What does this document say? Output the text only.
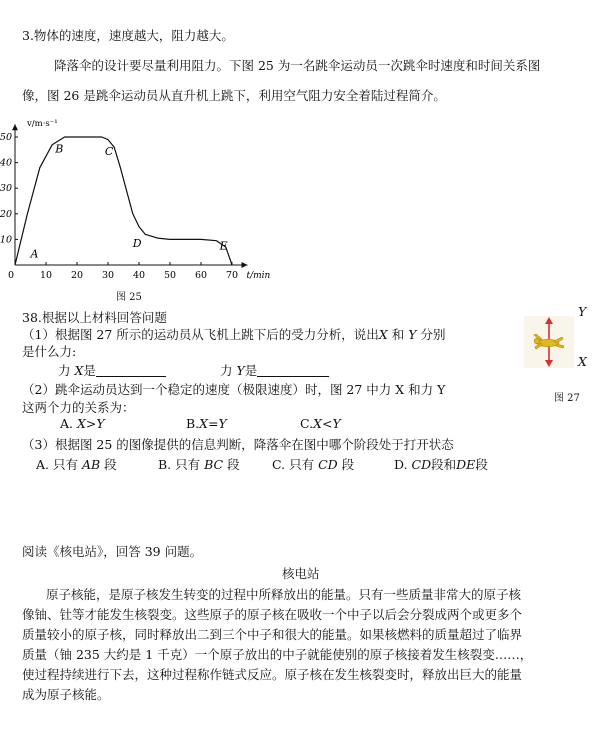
3.物体的速度，速度越大，阻力越大。
降落伞的设计要尽量利用阻力。下图 25 为一名跳伞运动员一次跳伞时速度和时间关系图
像，图 26 是跳伞运动员从直升机上跳下，利用空气阻力安全着陆过程简介。
10 20 30 40 50 60 70
10
20
30
40
50
0
v/m·s⁻¹
t/min
A
B	C
D	E
图 25
38.根据以上材料回答问题
（1）根据图 27 所示的运动员从飞机上跳下后的受力分析，说出X 和 Y 分别
是什么力:
力 X是	力 Y是
（2）跳伞运动员达到一个稳定的速度（极限速度）时，图 27 中力 X 和力 Y
这两个力的关系为：
A. X>Y	B.X=Y	C.X<Y
（3）根据图 25 的图像提供的信息判断，降落伞在图中哪个阶段处于打开状态
A. 只有 AB 段	B. 只有 BC 段	C. 只有 CD 段	D. CD段和DE段
Y
X
图 27
阅读《核电站》，回答 39 问题。
核电站
原子核能，是原子核发生转变的过程中所释放出的能量。只有一些质量非常大的原子核
像铀、钍等才能发生核裂变。这些原子的原子核在吸收一个中子以后会分裂成两个或更多个
质量较小的原子核，同时释放出二到三个中子和很大的能量。如果核燃料的质量超过了临界
质量（铀 235 大约是 1 千克）一个原子放出的中子就能使别的原子核接着发生核裂变……，
使过程持续进行下去，这种过程称作链式反应。原子核在发生核裂变时，释放出巨大的能量
成为原子核能。
